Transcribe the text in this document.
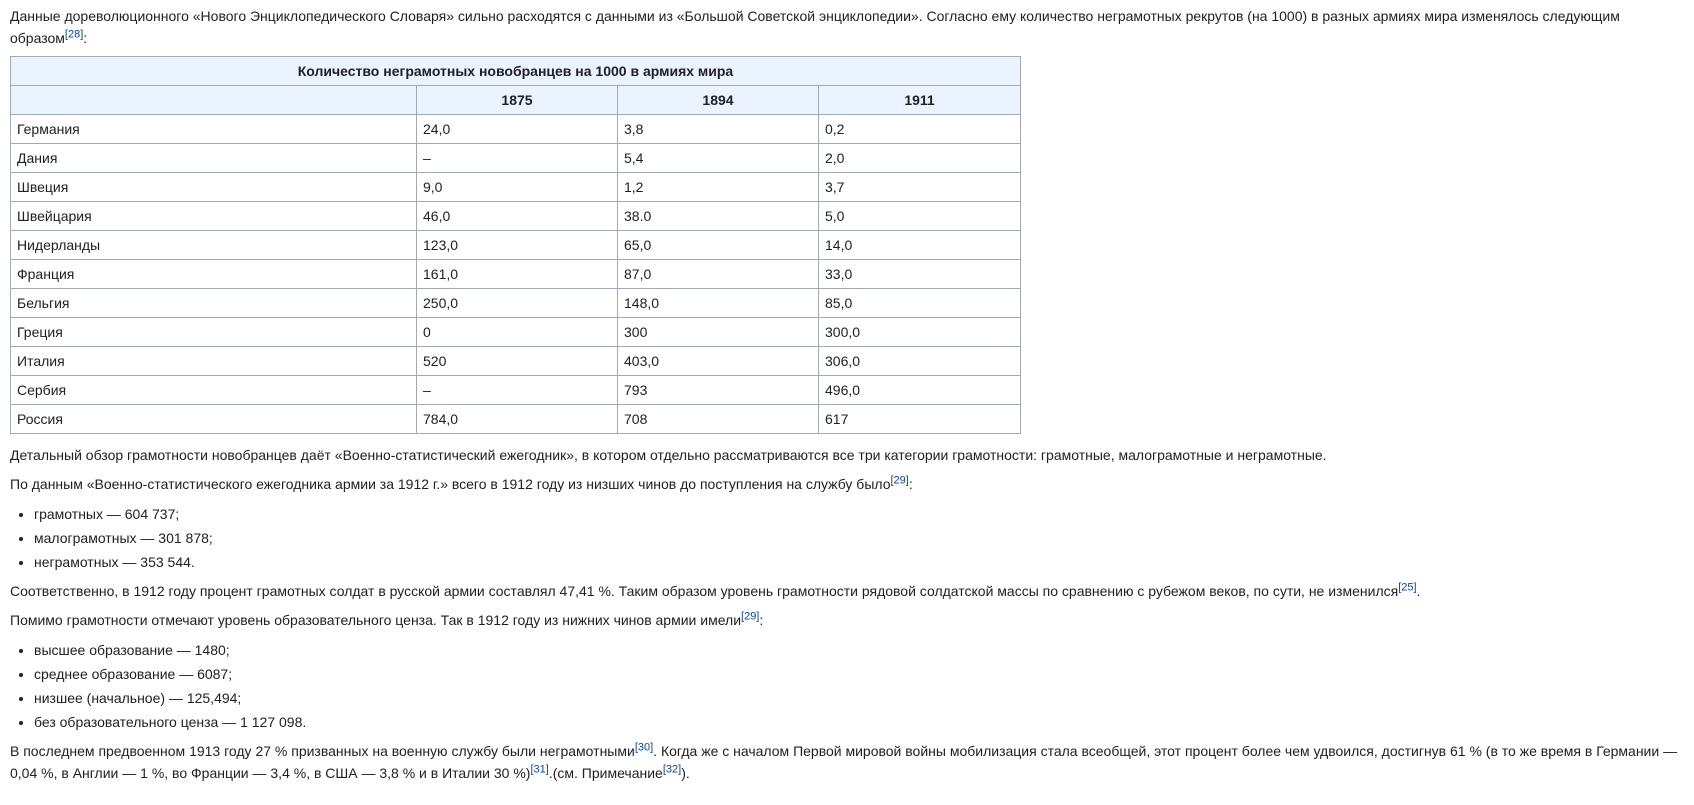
Данные дореволюционного «Нового Энциклопедического Словаря» сильно расходятся с данными из «Большой Советской энциклопедии». Согласно ему количество неграмотных рекрутов (на 1000) в разных армиях мира изменялось следующим образом[28]:

Количество неграмотных новобранцев на 1000 в армиях мира			
	1875	1894	1911
Германия	24,0	3,8	0,2
Дания	–	5,4	2,0
Швеция	9,0	1,2	3,7
Швейцария	46,0	38.0	5,0
Нидерланды	123,0	65,0	14,0
Франция	161,0	87,0	33,0
Бельгия	250,0	148,0	85,0
Греция	0	300	300,0
Италия	520	403,0	306,0
Сербия	–	793	496,0
Россия	784,0	708	617

Детальный обзор грамотности новобранцев даёт «Военно-статистический ежегодник», в котором отдельно рассматриваются все три категории грамотности: грамотные, малограмотные и неграмотные.

По данным «Военно-статистического ежегодника армии за 1912 г.» всего в 1912 году из низших чинов до поступления на службу было[29]:

• грамотных — 604 737;
• малограмотных — 301 878;
• неграмотных — 353 544.

Соответственно, в 1912 году процент грамотных солдат в русской армии составлял 47,41 %. Таким образом уровень грамотности рядовой солдатской массы по сравнению с рубежом веков, по сути, не изменился[25].

Помимо грамотности отмечают уровень образовательного ценза. Так в 1912 году из нижних чинов армии имели[29]:

• высшее образование — 1480;
• среднее образование — 6087;
• низшее (начальное) — 125,494;
• без образовательного ценза — 1 127 098.

В последнем предвоенном 1913 году 27 % призванных на военную службу были неграмотными[30]. Когда же с началом Первой мировой войны мобилизация стала всеобщей, этот процент более чем удвоился, достигнув 61 % (в то же время в Германии — 0,04 %, в Англии — 1 %, во Франции — 3,4 %, в США — 3,8 % и в Италии 30 %)[31].(см. Примечание[32]).
